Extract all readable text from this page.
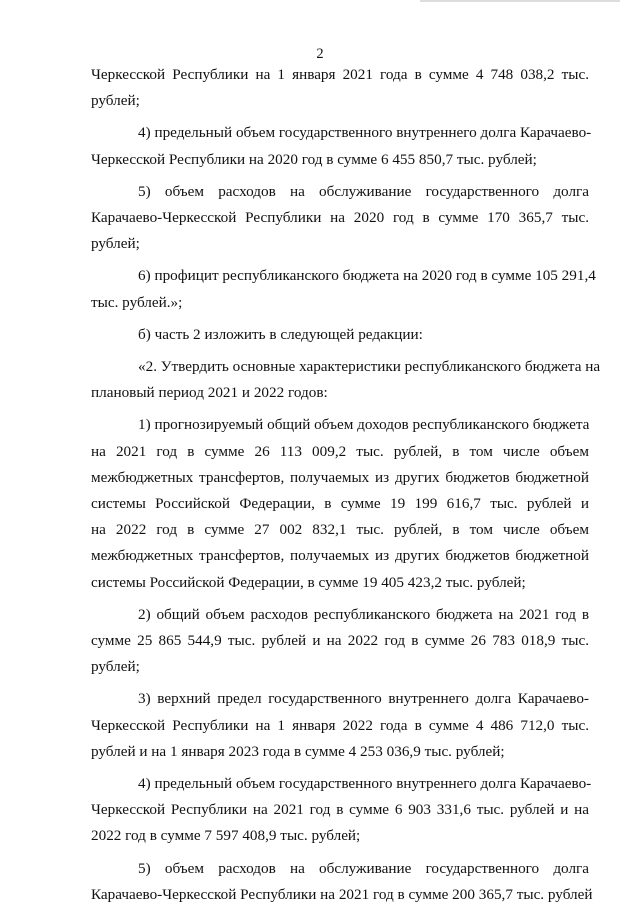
2
Черкесской Республики на 1 января 2021 года в сумме 4 748 038,2 тыс.
рублей;
4) предельный объем государственного внутреннего долга Карачаево-
Черкесской Республики на 2020 год в сумме 6 455 850,7 тыс. рублей;
5) объем расходов на обслуживание государственного долга
Карачаево-Черкесской Республики на 2020 год в сумме 170 365,7 тыс.
рублей;
6) профицит республиканского бюджета на 2020 год в сумме 105 291,4
тыс. рублей.»;
б) часть 2 изложить в следующей редакции:
«2. Утвердить основные характеристики республиканского бюджета на
плановый период 2021 и 2022 годов:
1) прогнозируемый общий объем доходов республиканского бюджета
на 2021 год в сумме 26 113 009,2 тыс. рублей, в том числе объем
межбюджетных трансфертов, получаемых из других бюджетов бюджетной
системы Российской Федерации, в сумме 19 199 616,7 тыс. рублей и
на 2022 год в сумме 27 002 832,1 тыс. рублей, в том числе объем
межбюджетных трансфертов, получаемых из других бюджетов бюджетной
системы Российской Федерации, в сумме 19 405 423,2 тыс. рублей;
2) общий объем расходов республиканского бюджета на 2021 год в
сумме 25 865 544,9 тыс. рублей и на 2022 год в сумме 26 783 018,9 тыс.
рублей;
3) верхний предел государственного внутреннего долга Карачаево-
Черкесской Республики на 1 января 2022 года в сумме 4 486 712,0 тыс.
рублей и на 1 января 2023 года в сумме 4 253 036,9 тыс. рублей;
4) предельный объем государственного внутреннего долга Карачаево-
Черкесской Республики на 2021 год в сумме 6 903 331,6 тыс. рублей и на
2022 год в сумме 7 597 408,9 тыс. рублей;
5) объем расходов на обслуживание государственного долга
Карачаево-Черкесской Республики на 2021 год в сумме 200 365,7 тыс. рублей
